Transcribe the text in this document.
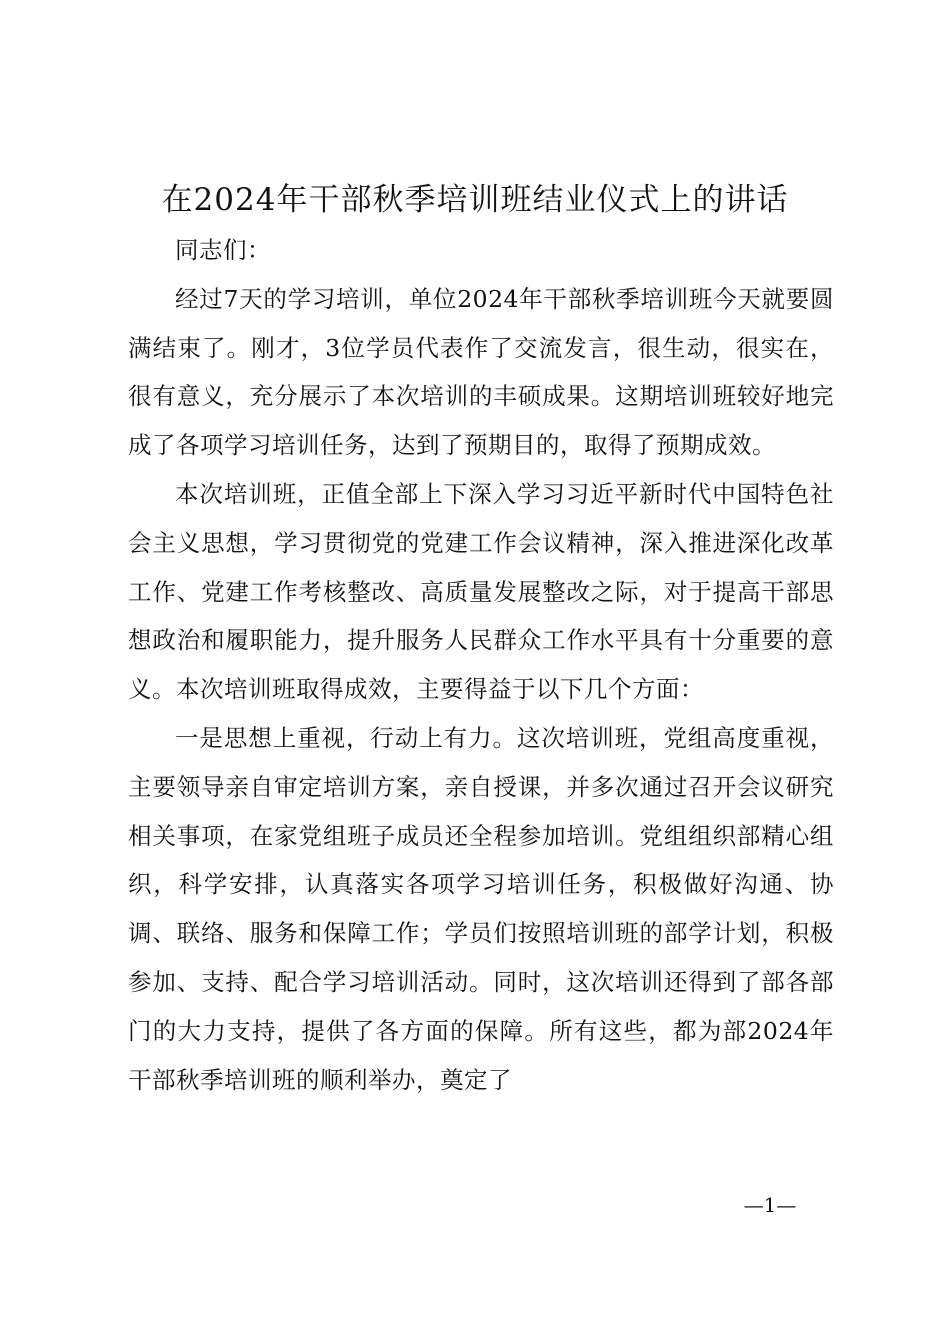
在2024年干部秋季培训班结业仪式上的讲话

同志们：

经过7天的学习培训，单位2024年干部秋季培训班今天就要圆满结束了。刚才，3位学员代表作了交流发言，很生动，很实在，很有意义，充分展示了本次培训的丰硕成果。这期培训班较好地完成了各项学习培训任务，达到了预期目的，取得了预期成效。

本次培训班，正值全部上下深入学习习近平新时代中国特色社会主义思想，学习贯彻党的党建工作会议精神，深入推进深化改革工作、党建工作考核整改、高质量发展整改之际，对于提高干部思想政治和履职能力，提升服务人民群众工作水平具有十分重要的意义。本次培训班取得成效，主要得益于以下几个方面：

一是思想上重视，行动上有力。这次培训班，党组高度重视，主要领导亲自审定培训方案，亲自授课，并多次通过召开会议研究相关事项，在家党组班子成员还全程参加培训。党组组织部精心组织，科学安排，认真落实各项学习培训任务，积极做好沟通、协调、联络、服务和保障工作；学员们按照培训班的部学计划，积极参加、支持、配合学习培训活动。同时，这次培训还得到了部各部门的大力支持，提供了各方面的保障。所有这些，都为部2024年干部秋季培训班的顺利举办，奠定了

—1—
